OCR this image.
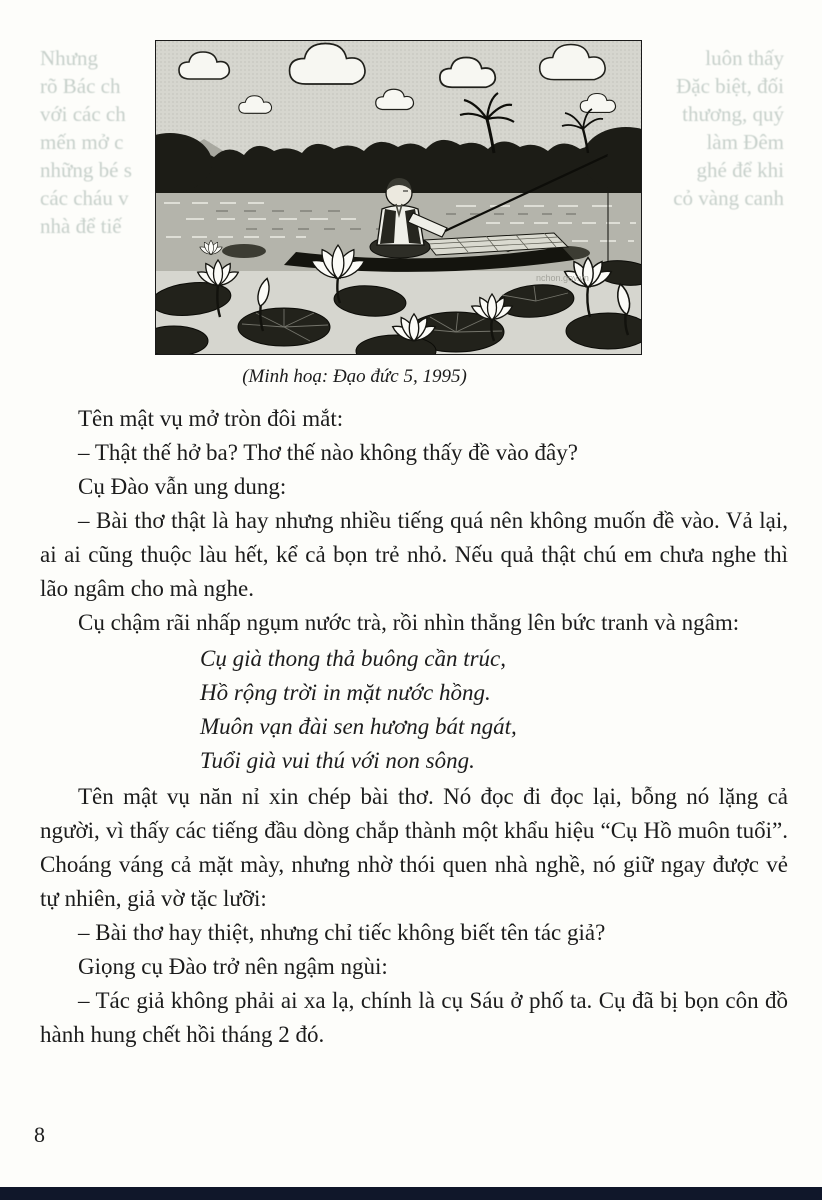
Nhưng	luôn thấy
rõ Bác ch	Đặc biệt, đối
với các ch	thương, quý
mến mở c	làm Đêm
những bé s	ghé để khi
các cháu v	cỏ vàng canh
nhà để tiế
nchon.gov.vn
(Minh hoạ: Đạo đức 5, 1995)

Tên mật vụ mở tròn đôi mắt:

– Thật thế hở ba? Thơ thế nào không thấy đề vào đây?

Cụ Đào vẫn ung dung:

– Bài thơ thật là hay nhưng nhiều tiếng quá nên không muốn đề vào. Vả lại, ai ai cũng thuộc làu hết, kể cả bọn trẻ nhỏ. Nếu quả thật chú em chưa nghe thì lão ngâm cho mà nghe.

Cụ chậm rãi nhấp ngụm nước trà, rồi nhìn thẳng lên bức tranh và ngâm:

Cụ già thong thả buông cần trúc,
Hồ rộng trời in mặt nước hồng.
Muôn vạn đài sen hương bát ngát,
Tuổi già vui thú với non sông.

Tên mật vụ năn nỉ xin chép bài thơ. Nó đọc đi đọc lại, bỗng nó lặng cả người, vì thấy các tiếng đầu dòng chắp thành một khẩu hiệu “Cụ Hồ muôn tuổi”. Choáng váng cả mặt mày, nhưng nhờ thói quen nhà nghề, nó giữ ngay được vẻ tự nhiên, giả vờ tặc lưỡi:

– Bài thơ hay thiệt, nhưng chỉ tiếc không biết tên tác giả?

Giọng cụ Đào trở nên ngậm ngùi:

– Tác giả không phải ai xa lạ, chính là cụ Sáu ở phố ta. Cụ đã bị bọn côn đồ hành hung chết hồi tháng 2 đó.

8
